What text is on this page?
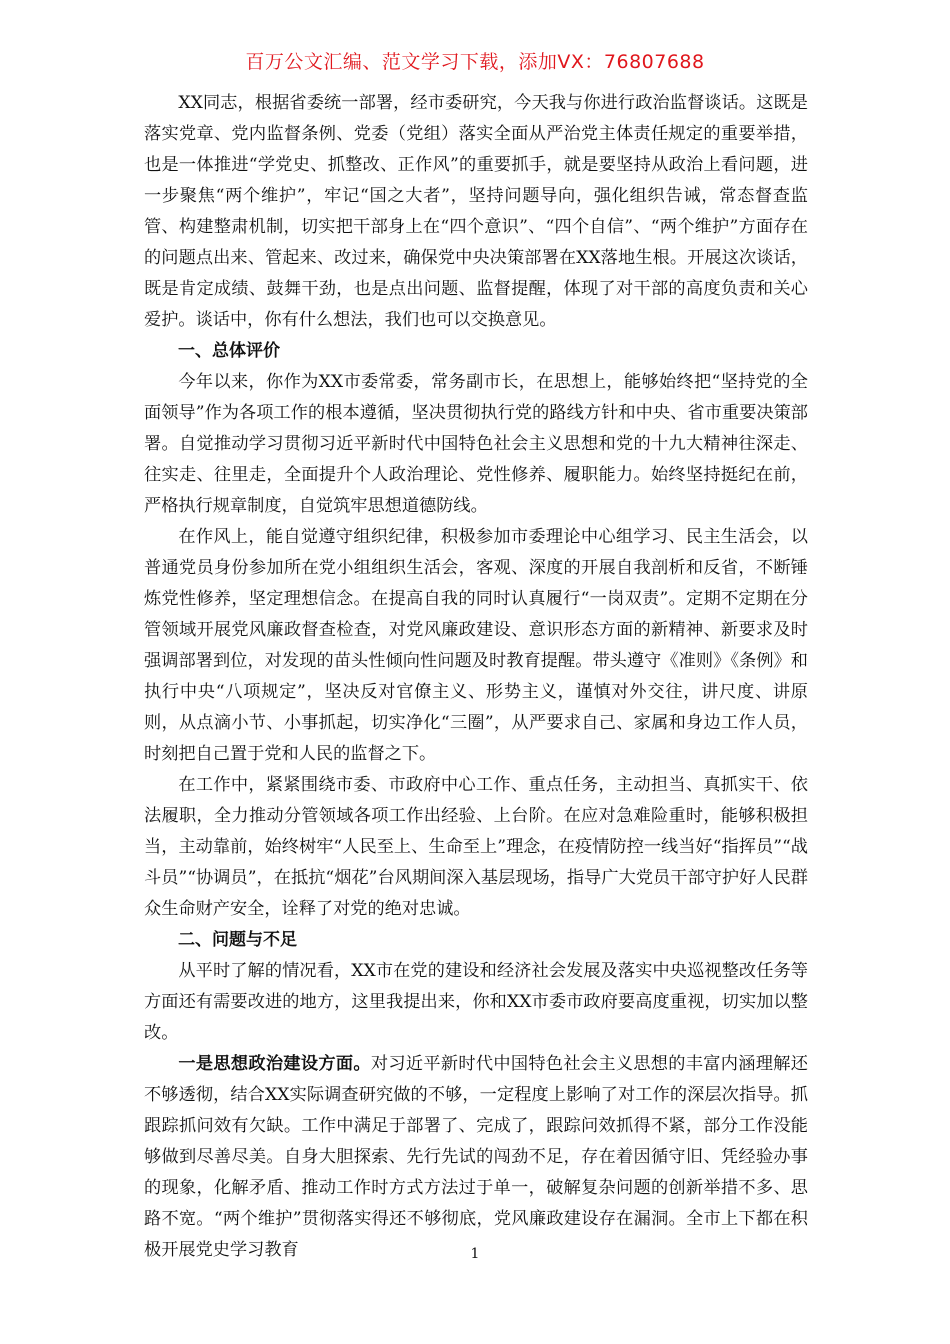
百万公文汇编、范文学习下载，添加VX：76807688

XX同志，根据省委统一部署，经市委研究，今天我与你进行政治监督谈话。这既是落实党章、党内监督条例、党委（党组）落实全面从严治党主体责任规定的重要举措，也是一体推进“学党史、抓整改、正作风”的重要抓手，就是要坚持从政治上看问题，进一步聚焦“两个维护”，牢记“国之大者”，坚持问题导向，强化组织告诫，常态督查监管、构建整肃机制，切实把干部身上在“四个意识”、“四个自信”、“两个维护”方面存在的问题点出来、管起来、改过来，确保党中央决策部署在XX落地生根。开展这次谈话，既是肯定成绩、鼓舞干劲，也是点出问题、监督提醒，体现了对干部的高度负责和关心爱护。谈话中，你有什么想法，我们也可以交换意见。

一、总体评价

今年以来，你作为XX市委常委，常务副市长，在思想上，能够始终把“坚持党的全面领导”作为各项工作的根本遵循，坚决贯彻执行党的路线方针和中央、省市重要决策部署。自觉推动学习贯彻习近平新时代中国特色社会主义思想和党的十九大精神往深走、往实走、往里走，全面提升个人政治理论、党性修养、履职能力。始终坚持挺纪在前，严格执行规章制度，自觉筑牢思想道德防线。

在作风上，能自觉遵守组织纪律，积极参加市委理论中心组学习、民主生活会，以普通党员身份参加所在党小组组织生活会，客观、深度的开展自我剖析和反省，不断锤炼党性修养，坚定理想信念。在提高自我的同时认真履行“一岗双责”。定期不定期在分管领域开展党风廉政督查检查，对党风廉政建设、意识形态方面的新精神、新要求及时强调部署到位，对发现的苗头性倾向性问题及时教育提醒。带头遵守《准则》《条例》和执行中央“八项规定”，坚决反对官僚主义、形势主义，谨慎对外交往，讲尺度、讲原则，从点滴小节、小事抓起，切实净化“三圈”，从严要求自己、家属和身边工作人员，时刻把自己置于党和人民的监督之下。

在工作中，紧紧围绕市委、市政府中心工作、重点任务，主动担当、真抓实干、依法履职，全力推动分管领域各项工作出经验、上台阶。在应对急难险重时，能够积极担当，主动靠前，始终树牢“人民至上、生命至上”理念，在疫情防控一线当好“指挥员”“战斗员”“协调员”，在抵抗“烟花”台风期间深入基层现场，指导广大党员干部守护好人民群众生命财产安全，诠释了对党的绝对忠诚。

二、问题与不足

从平时了解的情况看，XX市在党的建设和经济社会发展及落实中央巡视整改任务等方面还有需要改进的地方，这里我提出来，你和XX市委市政府要高度重视，切实加以整改。

一是思想政治建设方面。对习近平新时代中国特色社会主义思想的丰富内涵理解还不够透彻，结合XX实际调查研究做的不够，一定程度上影响了对工作的深层次指导。抓跟踪抓问效有欠缺。工作中满足于部署了、完成了，跟踪问效抓得不紧，部分工作没能够做到尽善尽美。自身大胆探索、先行先试的闯劲不足，存在着因循守旧、凭经验办事的现象，化解矛盾、推动工作时方式方法过于单一，破解复杂问题的创新举措不多、思路不宽。“两个维护”贯彻落实得还不够彻底，党风廉政建设存在漏洞。全市上下都在积极开展党史学习教育	1
